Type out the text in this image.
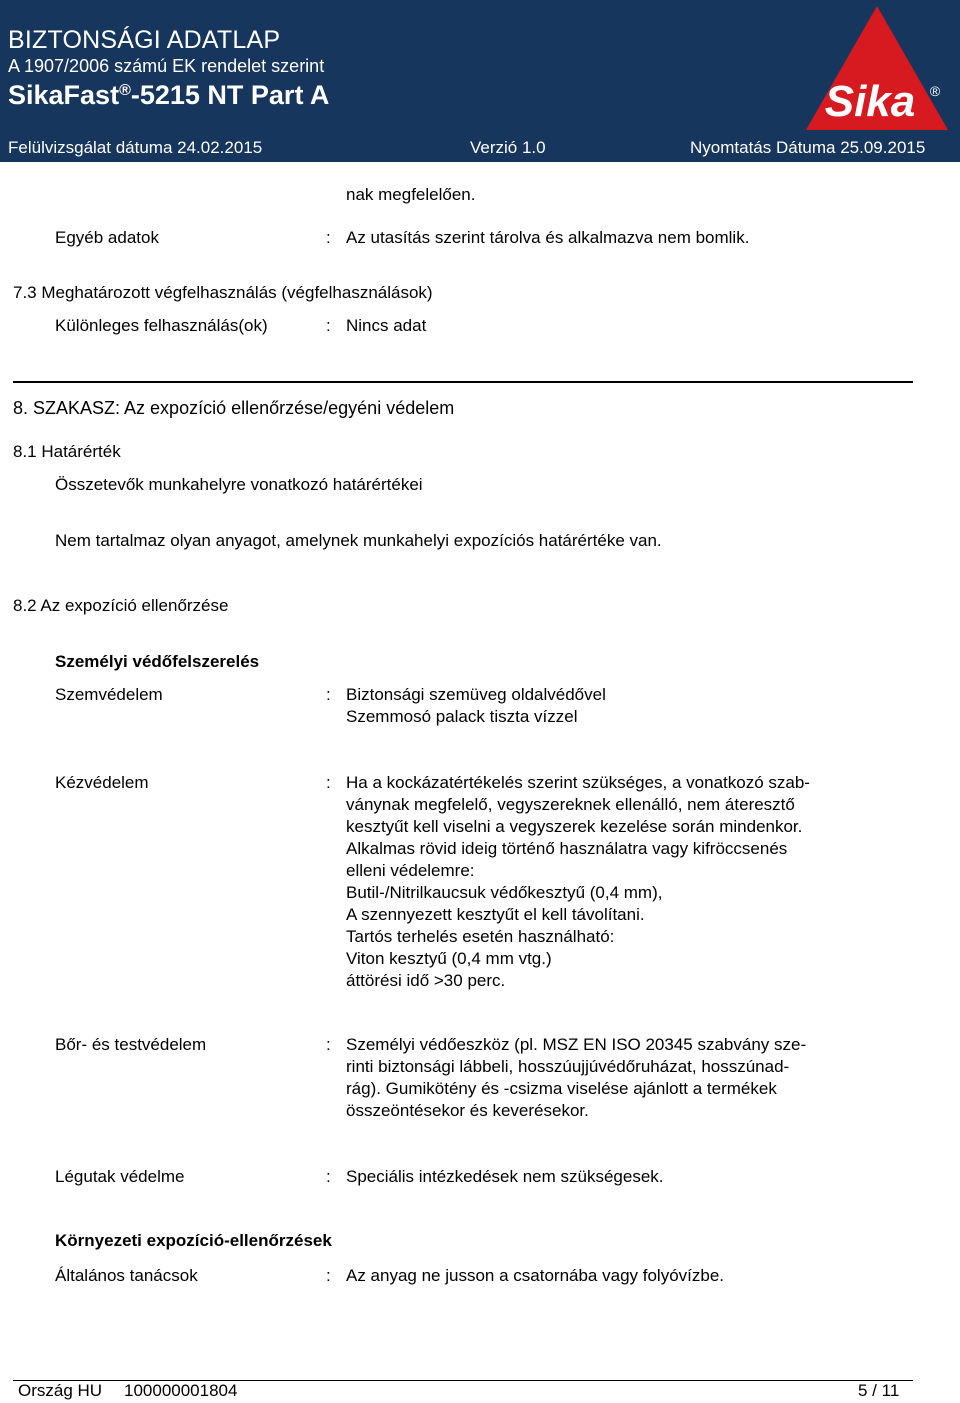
BIZTONSÁGI ADATLAP
A 1907/2006 számú EK rendelet szerint
SikaFast®-5215 NT Part A
Felülvizsgálat dátuma 24.02.2015	Verzió 1.0	Nyomtatás Dátuma 25.09.2015
Sika ®
nak megfelelően.
Egyéb adatok	: Az utasítás szerint tárolva és alkalmazva nem bomlik.
7.3 Meghatározott végfelhasználás (végfelhasználások)
Különleges felhasználás(ok)	: Nincs adat
8. SZAKASZ: Az expozíció ellenőrzése/egyéni védelem
8.1 Határérték
Összetevők munkahelyre vonatkozó határértékei
Nem tartalmaz olyan anyagot, amelynek munkahelyi expozíciós határértéke van.
8.2 Az expozíció ellenőrzése
Személyi védőfelszerelés
Szemvédelem	: Biztonsági szemüveg oldalvédővel
Szemmosó palack tiszta vízzel
Kézvédelem	: Ha a kockázatértékelés szerint szükséges, a vonatkozó szab-
ványnak megfelelő, vegyszereknek ellenálló, nem áteresztő
kesztyűt kell viselni a vegyszerek kezelése során mindenkor.
Alkalmas rövid ideig történő használatra vagy kifröccsenés
elleni védelemre:
Butil-/Nitrilkaucsuk védőkesztyű (0,4 mm),
A szennyezett kesztyűt el kell távolítani.
Tartós terhelés esetén használható:
Viton kesztyű (0,4 mm vtg.)
áttörési idő >30 perc.
Bőr- és testvédelem	: Személyi védőeszköz (pl. MSZ EN ISO 20345 szabvány sze-
rinti biztonsági lábbeli, hosszúujjúvédőruházat, hosszúnad-
rág). Gumikötény és -csizma viselése ajánlott a termékek
összeöntésekor és keverésekor.
Légutak védelme	: Speciális intézkedések nem szükségesek.
Környezeti expozíció-ellenőrzések
Általános tanácsok	: Az anyag ne jusson a csatornába vagy folyóvízbe.
Ország HU 100000001804	5 / 11
